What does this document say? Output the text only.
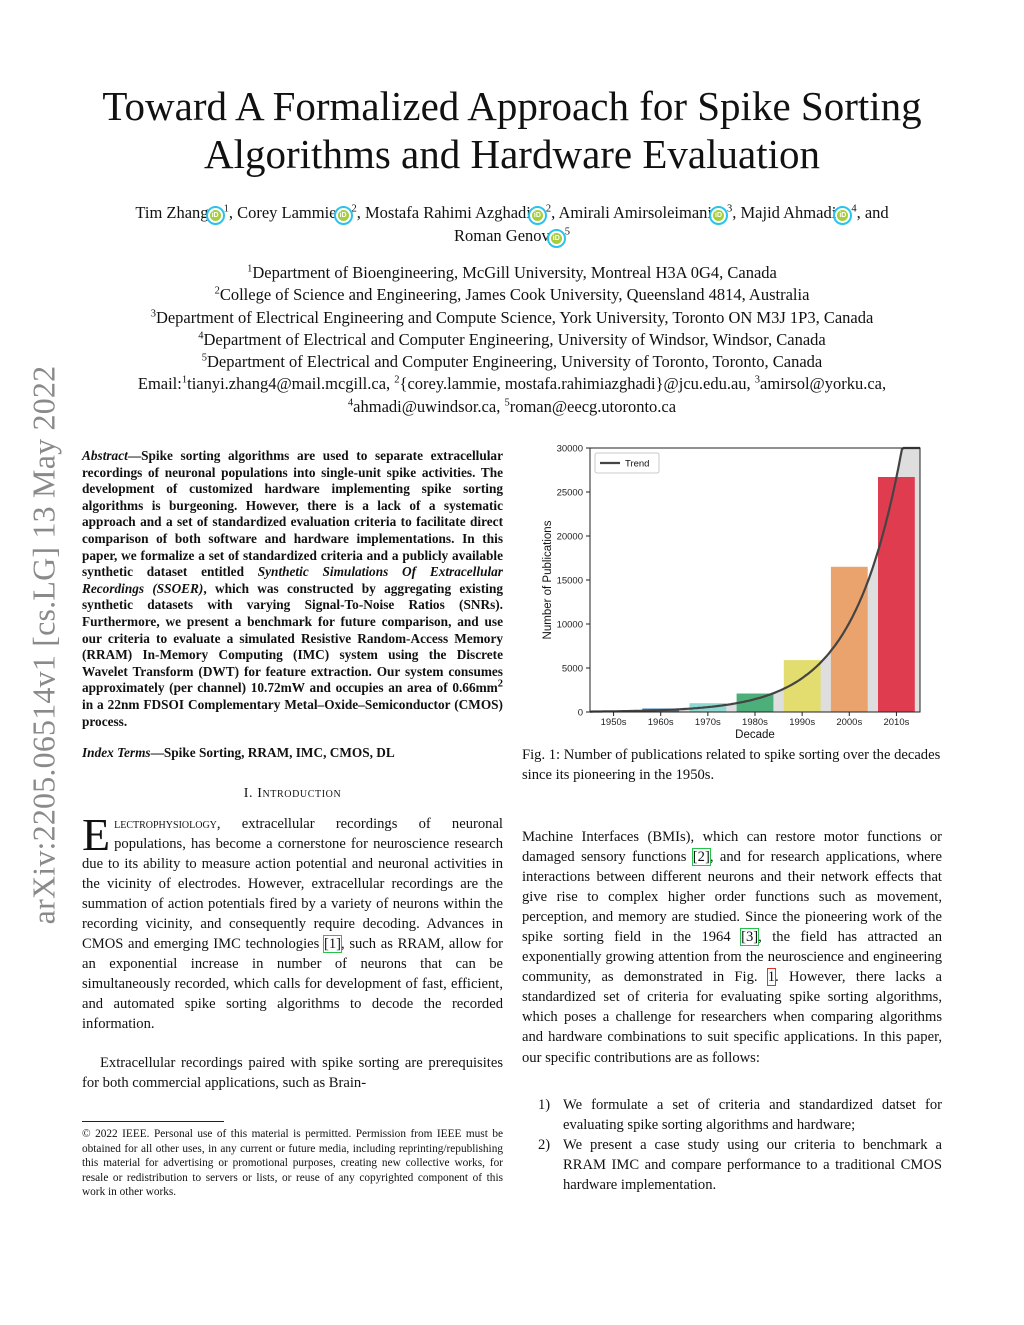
arXiv:2205.06514v1 [cs.LG] 13 May 2022
Toward A Formalized Approach for Spike Sorting Algorithms and Hardware Evaluation
Tim Zhang $iD^1$, Corey Lammie $iD^2$, Mostafa Rahimi Azghadi $iD^2$, Amirali Amirsoleimani $iD^3$, Majid Ahmadi $iD^4$, and
Roman Genov $iD^5$
$^1$Department of Bioengineering, McGill University, Montreal H3A 0G4, Canada
$^2$College of Science and Engineering, James Cook University, Queensland 4814, Australia
$^3$Department of Electrical Engineering and Compute Science, York University, Toronto ON M3J 1P3, Canada
$^4$Department of Electrical and Computer Engineering, University of Windsor, Windsor, Canada
$^5$Department of Electrical and Computer Engineering, University of Toronto, Toronto, Canada
Email:$^1$tianyi.zhang4@mail.mcgill.ca, $^2${corey.lammie, mostafa.rahimiazghadi}@jcu.edu.au, $^3$amirsol@yorku.ca,
$^4$ahmadi@uwindsor.ca, $^5$roman@eecg.utoronto.ca
Abstract—Spike sorting algorithms are used to separate extracellular recordings of neuronal populations into single-unit spike activities. The development of customized hardware implementing spike sorting algorithms is burgeoning. However, there is a lack of a systematic approach and a set of standardized evaluation criteria to facilitate direct comparison of both software and hardware implementations. In this paper, we formalize a set of standardized criteria and a publicly available synthetic dataset entitled Synthetic Simulations Of Extracellular Recordings (SSOER), which was constructed by aggregating existing synthetic datasets with varying Signal-To-Noise Ratios (SNRs). Furthermore, we present a benchmark for future comparison, and use our criteria to evaluate a simulated Resistive Random-Access Memory (RRAM) In-Memory Computing (IMC) system using the Discrete Wavelet Transform (DWT) for feature extraction. Our system consumes approximately (per channel) 10.72mW and occupies an area of $0.66mm^2$ in a 22nm FDSOI Complementary Metal–Oxide–Semiconductor (CMOS) process.
Index Terms—Spike Sorting, RRAM, IMC, CMOS, DL
I. Introduction
Electrophysiology, extracellular recordings of neuronal populations, has become a cornerstone for neuroscience research due to its ability to measure action potential and neuronal activities in the vicinity of electrodes. However, extracellular recordings are the summation of action potentials fired by a variety of neurons within the recording vicinity, and consequently require decoding. Advances in CMOS and emerging IMC technologies [1], such as RRAM, allow for an exponential increase in number of neurons that can be simultaneously recorded, which calls for development of fast, efficient, and automated spike sorting algorithms to decode the recorded information.
Extracellular recordings paired with spike sorting are prerequisites for both commercial applications, such as Brain-
© 2022 IEEE. Personal use of this material is permitted. Permission from IEEE must be obtained for all other uses, in any current or future media, including reprinting/republishing this material for advertising or promotional purposes, creating new collective works, for resale or redistribution to servers or lists, or reuse of any copyrighted component of this work in other works.
0
5000
10000
15000
20000
25000
30000
1950s 1960s 1970s 1980s 1990s 2000s 2010s
Decade
Number of Publications
Trend
Fig. 1: Number of publications related to spike sorting over the decades since its pioneering in the 1950s.
Machine Interfaces (BMIs), which can restore motor functions or damaged sensory functions [2], and for research applications, where interactions between different neurons and their network effects that give rise to complex higher order functions such as movement, perception, and memory are studied. Since the pioneering work of the spike sorting field in the 1964 [3], the field has attracted an exponentially growing attention from the neuroscience and engineering community, as demonstrated in Fig. 1. However, there lacks a standardized set of criteria for evaluating spike sorting algorithms, which poses a challenge for researchers when comparing algorithms and hardware combinations to suit specific applications. In this paper, our specific contributions are as follows:
1) We formulate a set of criteria and standardized datset for evaluating spike sorting algorithms and hardware;
2) We present a case study using our criteria to benchmark a RRAM IMC and compare performance to a traditional CMOS hardware implementation.
